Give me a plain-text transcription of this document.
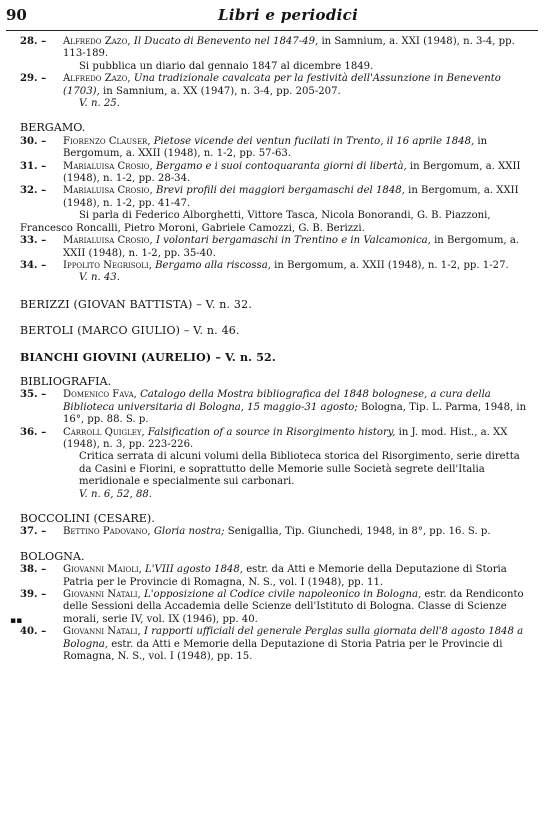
90	Libri e periodici
28. –	Alfredo Zazo, Il Ducato di Benevento nel 1847-49, in Samnium, a. XXI (1948), n. 3-4, pp. 113-189.
Si pubblica un diario dal gennaio 1847 al dicembre 1849.
29. –	Alfredo Zazo, Una tradizionale cavalcata per la festività dell'Assunzione in Benevento (1703), in Samnium, a. XX (1947), n. 3-4, pp. 205-207.
V. n. 25.
BERGAMO.
30. –	Fiorenzo Clauser, Pietose vicende dei ventun fucilati in Trento, il 16 aprile 1848, in Bergomum, a. XXII (1948), n. 1-2, pp. 57-63.
31. –	Marialuisa Crosio, Bergamo e i suoi contoquaranta giorni di libertà, in Bergomum, a. XXII (1948), n. 1-2, pp. 28-34.
32. –	Marialuisa Crosio, Brevi profili dei maggiori bergamaschi del 1848, in Bergomum, a. XXII (1948), n. 1-2, pp. 41-47.
Si parla di Federico Alborghetti, Vittore Tasca, Nicola Bonorandi, G. B. Piazzoni, Francesco Roncalli, Pietro Moroni, Gabriele Camozzi, G. B. Berizzi.
33. –	Marialuisa Crosio, I volontari bergamaschi in Trentino e in Valcamonica, in Bergomum, a. XXII (1948), n. 1-2, pp. 35-40.
34. –	Ippolito Negrisoli, Bergamo alla riscossa, in Bergomum, a. XXII (1948), n. 1-2, pp. 1-27.
V. n. 43.
BERIZZI (GIOVAN BATTISTA) – V. n. 32.
BERTOLI (MARCO GIULIO) – V. n. 46.
BIANCHI GIOVINI (AURELIO) – V. n. 52.
BIBLIOGRAFIA.
35. –	Domenico Fava, Catalogo della Mostra bibliografica del 1848 bolognese, a cura della Biblioteca universitaria di Bologna, 15 maggio-31 agosto; Bologna, Tip. L. Parma, 1948, in 16°, pp. 88. S. p.
36. –	Carroll Quigley, Falsification of a source in Risorgimento history, in J. mod. Hist., a. XX (1948), n. 3, pp. 223-226.
Critica serrata di alcuni volumi della Biblioteca storica del Risorgimento, serie diretta da Casini e Fiorini, e soprattutto delle Memorie sulle Società segrete dell'Italia meridionale e specialmente sui carbonari.
V. n. 6, 52, 88.
BOCCOLINI (CESARE).
37. –	Bettino Padovano, Gloria nostra; Senigallia, Tip. Giunchedi, 1948, in 8°, pp. 16. S. p.
BOLOGNA.
38. –	Giovanni Maioli, L'VIII agosto 1848, estr. da Atti e Memorie della Deputazione di Storia Patria per le Provincie di Romagna, N. S., vol. I (1948), pp. 11.
39. –	Giovanni Natali, L'opposizione al Codice civile napoleonico in Bologna, estr. da Rendiconto delle Sessioni della Accademia delle Scienze dell'Istituto di Bologna. Classe di Scienze morali, serie IV, vol. IX (1946), pp. 40.
▪▪
40. –	Giovanni Natali, I rapporti ufficiali del generale Perglas sulla giornata dell'8 agosto 1848 a Bologna, estr. da Atti e Memorie della Deputazione di Storia Patria per le Provincie di Romagna, N. S., vol. I (1948), pp. 15.
